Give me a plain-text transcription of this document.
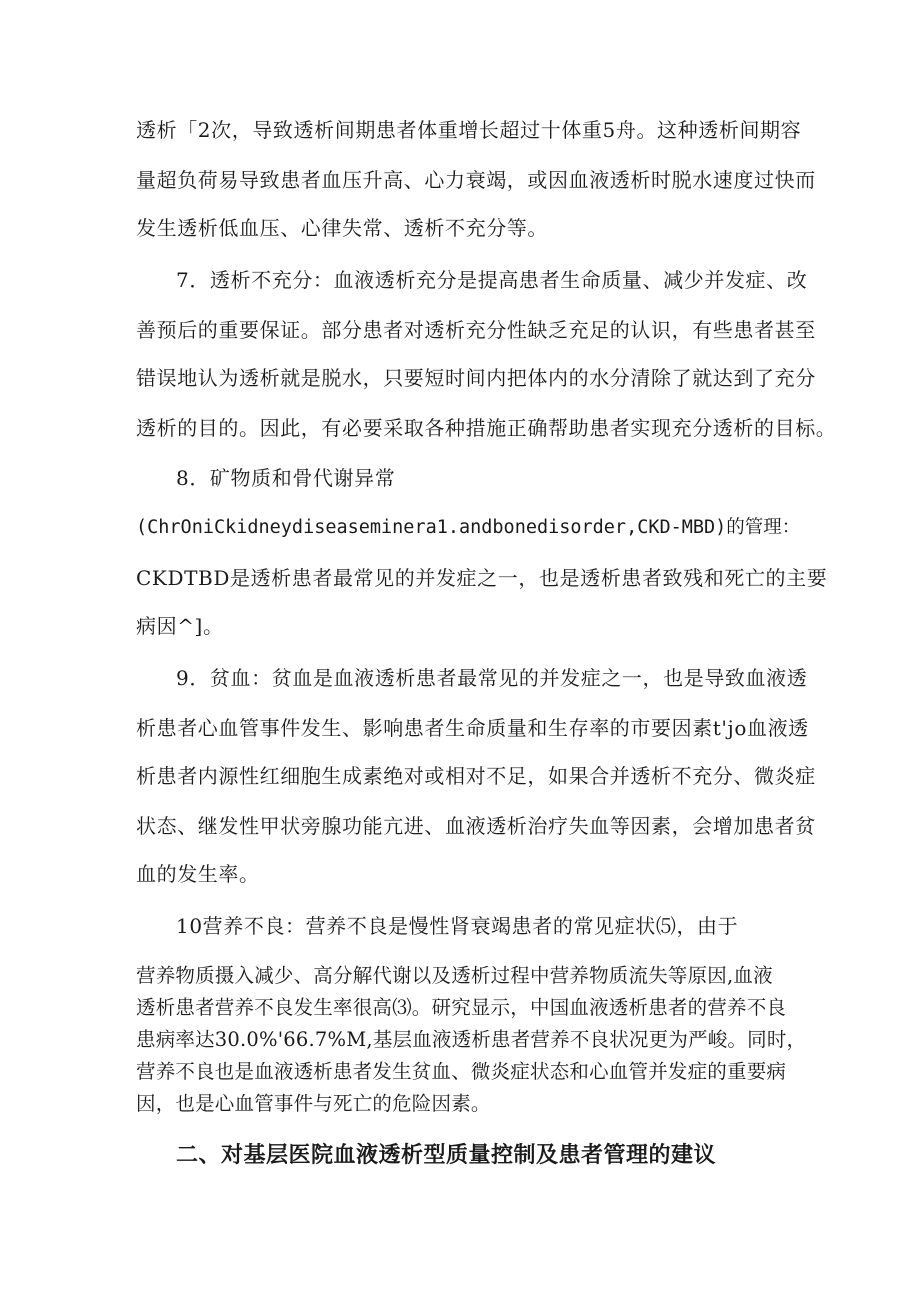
透析「2次，导致透析间期患者体重增长超过十体重5舟。这种透析间期容
量超负荷易导致患者血压升高、心力衰竭，或因血液透析时脱水速度过快而
发生透析低血压、心律失常、透析不充分等。
7．透析不充分：血液透析充分是提高患者生命质量、减少并发症、改
善预后的重要保证。部分患者对透析充分性缺乏充足的认识，有些患者甚至
错误地认为透析就是脱水，只要短时间内把体内的水分清除了就达到了充分
透析的目的。因此，有必要采取各种措施正确帮助患者实现充分透析的目标。
8．矿物质和骨代谢异常
(ChrOniCkidneydiseaseminera1.andbonedisorder,CKD-MBD)的管理：
CKDTBD是透析患者最常见的并发症之一，也是透析患者致残和死亡的主要
病因^]。
9．贫血：贫血是血液透析患者最常见的并发症之一，也是导致血液透
析患者心血管事件发生、影响患者生命质量和生存率的市要因素t'jo血液透
析患者内源性红细胞生成素绝对或相对不足，如果合并透析不充分、微炎症
状态、继发性甲状旁腺功能亢进、血液透析治疗失血等因素，会增加患者贫
血的发生率。
10营养不良：营养不良是慢性肾衰竭患者的常见症状⑸，由于
营养物质摄入减少、高分解代谢以及透析过程中营养物质流失等原因,血液
透析患者营养不良发生率很高⑶。研究显示，中国血液透析患者的营养不良
患病率达30.0%'66.7%M,基层血液透析患者营养不良状况更为严峻。同时，
营养不良也是血液透析患者发生贫血、微炎症状态和心血管并发症的重要病
因，也是心血管事件与死亡的危险因素。
二、对基层医院血液透析型质量控制及患者管理的建议
